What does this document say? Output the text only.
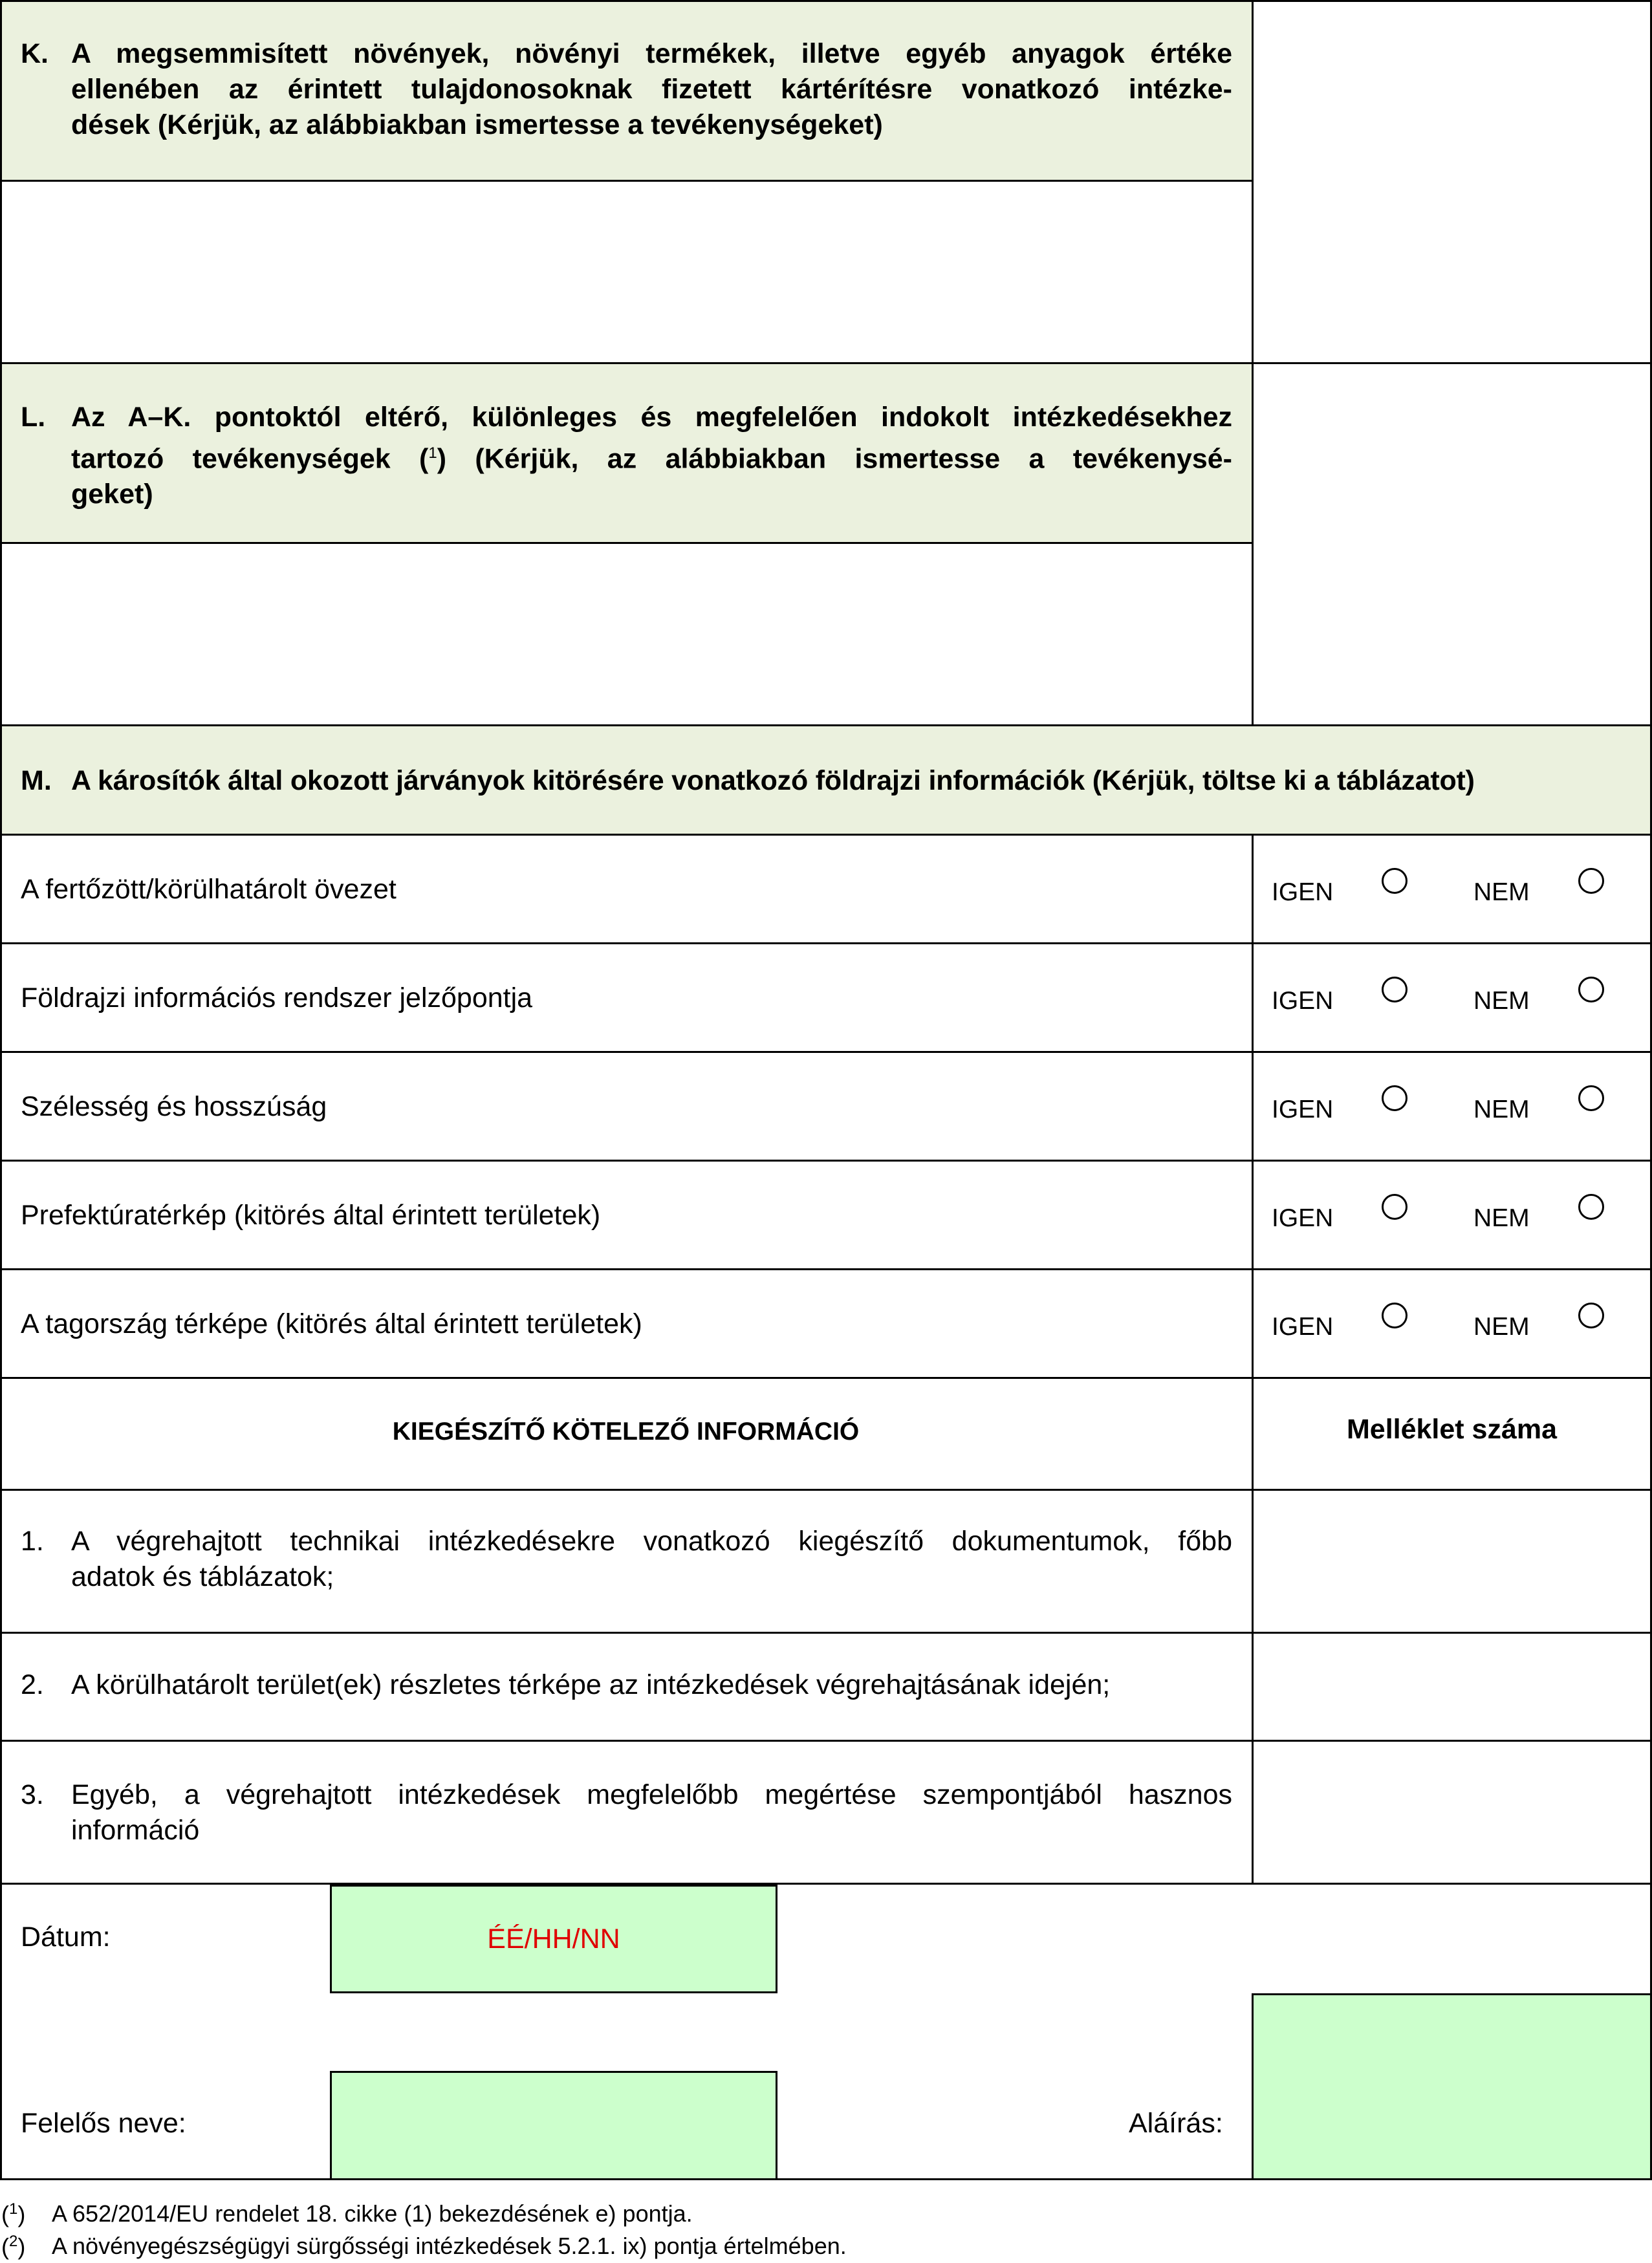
K. A megsemmisített növények, növényi termékek, illetve egyéb anyagok értéke
ellenében az érintett tulajdonosoknak fizetett kártérítésre vonatkozó intézke-
dések (Kérjük, az alábbiakban ismertesse a tevékenységeket)
L. Az A–K. pontoktól eltérő, különleges és megfelelően indokolt intézkedésekhez
tartozó tevékenységek ($^1$) (Kérjük, az alábbiakban ismertesse a tevékenysé-
geket)
M. A károsítók által okozott járványok kitörésére vonatkozó földrajzi információk (Kérjük, töltse ki a táblázatot)
A fertőzött/körülhatárolt övezet	IGEN	NEM
Földrajzi információs rendszer jelzőpontja	IGEN	NEM
Szélesség és hosszúság	IGEN	NEM
Prefektúratérkép (kitörés által érintett területek)	IGEN	NEM
A tagország térképe (kitörés által érintett területek)	IGEN	NEM
KIEGÉSZÍTŐ KÖTELEZŐ INFORMÁCIÓ	Melléklet száma
1. A végrehajtott technikai intézkedésekre vonatkozó kiegészítő dokumentumok, főbb
adatok és táblázatok;
2. A körülhatárolt terület(ek) részletes térképe az intézkedések végrehajtásának idején;
3. Egyéb, a végrehajtott intézkedések megfelelőbb megértése szempontjából hasznos
információ
Dátum:	ÉÉ/HH/NN
Felelős neve:	Aláírás:
($^1$) A 652/2014/EU rendelet 18. cikke (1) bekezdésének e) pontja.
($^2$) A növényegészségügyi sürgősségi intézkedések 5.2.1. ix) pontja értelmében.
